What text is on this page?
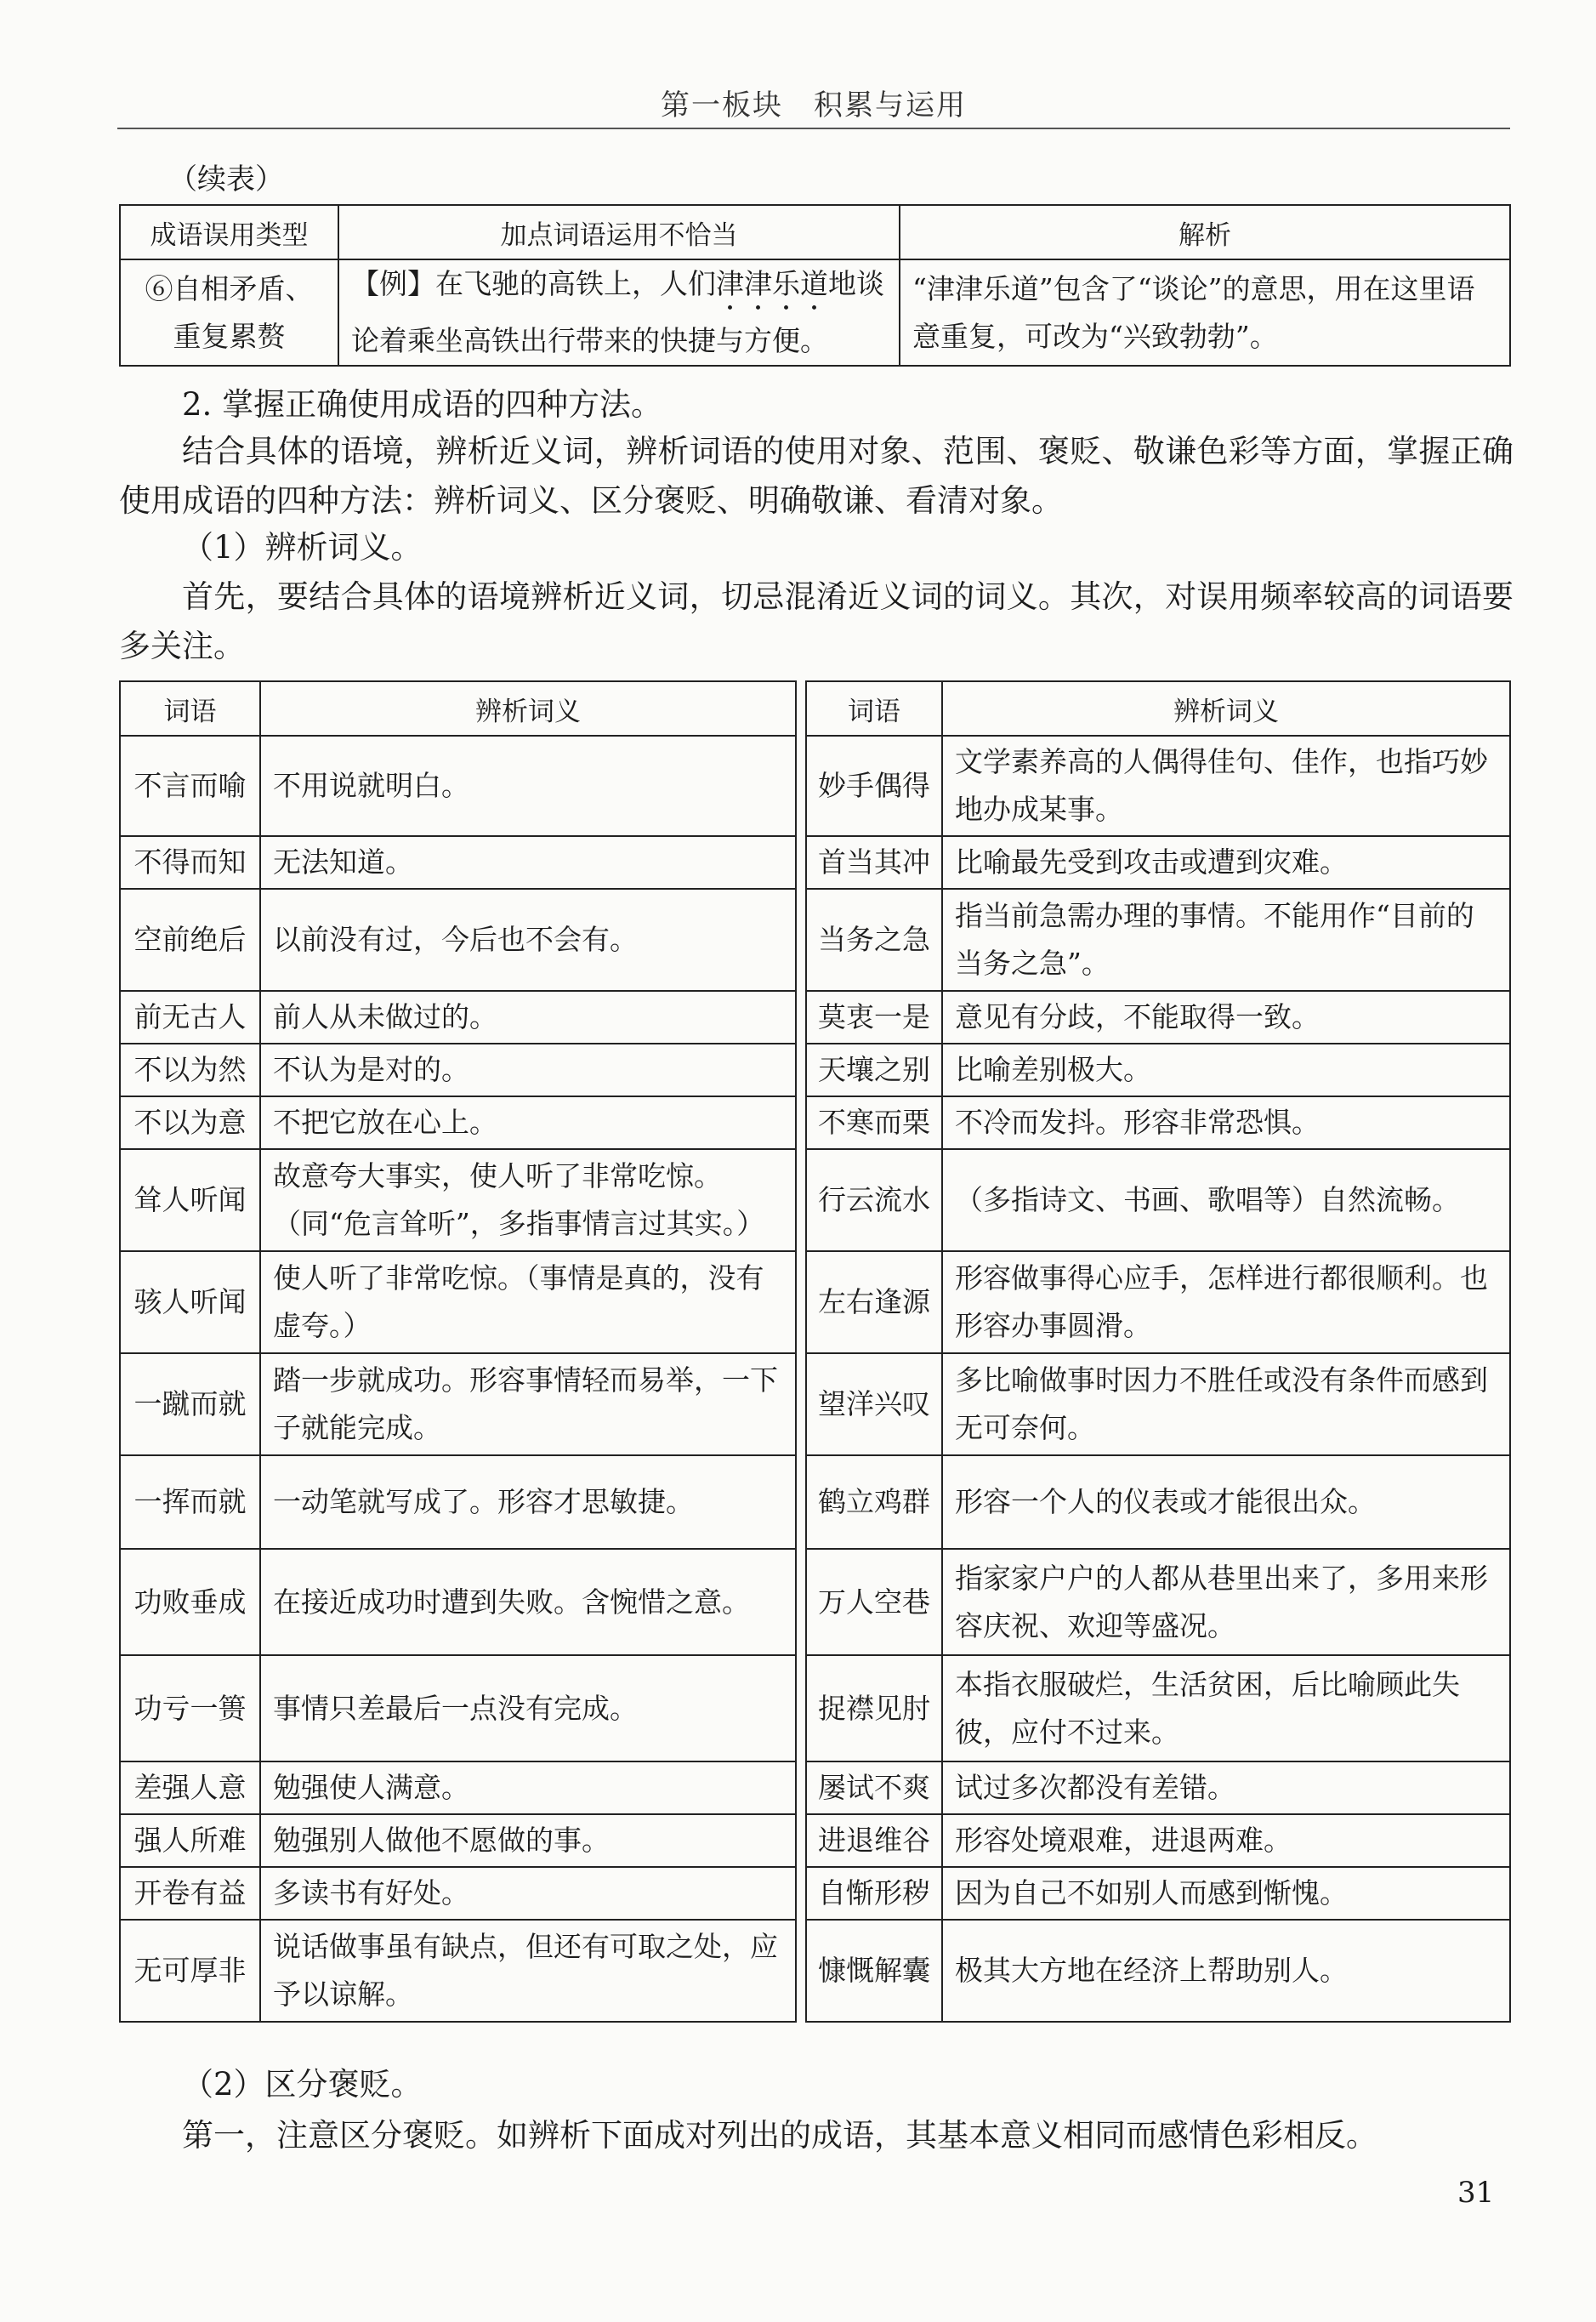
第一板块　积累与运用
（续表）
成语误用类型	加点词语运用不恰当	解析
⑥自相矛盾、重复累赘	【例】在飞驰的高铁上，人们津津乐道地谈论着乘坐高铁出行带来的快捷与方便。	“津津乐道”包含了“谈论”的意思，用在这里语意重复，可改为“兴致勃勃”。
2. 掌握正确使用成语的四种方法。
结合具体的语境，辨析近义词，辨析词语的使用对象、范围、褒贬、敬谦色彩等方面，掌握正确使用成语的四种方法：辨析词义、区分褒贬、明确敬谦、看清对象。
（1）辨析词义。
首先，要结合具体的语境辨析近义词，切忌混淆近义词的词义。其次，对误用频率较高的词语要多关注。
词语	辨析词义		词语	辨析词义
不言而喻	不用说就明白。		妙手偶得	文学素养高的人偶得佳句、佳作，也指巧妙地办成某事。
不得而知	无法知道。		首当其冲	比喻最先受到攻击或遭到灾难。
空前绝后	以前没有过，今后也不会有。		当务之急	指当前急需办理的事情。不能用作“目前的当务之急”。
前无古人	前人从未做过的。		莫衷一是	意见有分歧，不能取得一致。
不以为然	不认为是对的。		天壤之别	比喻差别极大。
不以为意	不把它放在心上。		不寒而栗	不冷而发抖。形容非常恐惧。
耸人听闻	故意夸大事实，使人听了非常吃惊。（同“危言耸听”，多指事情言过其实。）		行云流水	（多指诗文、书画、歌唱等）自然流畅。
骇人听闻	使人听了非常吃惊。（事情是真的，没有虚夸。）		左右逢源	形容做事得心应手，怎样进行都很顺利。也形容办事圆滑。
一蹴而就	踏一步就成功。形容事情轻而易举，一下子就能完成。		望洋兴叹	多比喻做事时因力不胜任或没有条件而感到无可奈何。
一挥而就	一动笔就写成了。形容才思敏捷。		鹤立鸡群	形容一个人的仪表或才能很出众。
功败垂成	在接近成功时遭到失败。含惋惜之意。		万人空巷	指家家户户的人都从巷里出来了，多用来形容庆祝、欢迎等盛况。
功亏一篑	事情只差最后一点没有完成。		捉襟见肘	本指衣服破烂，生活贫困，后比喻顾此失彼，应付不过来。
差强人意	勉强使人满意。		屡试不爽	试过多次都没有差错。
强人所难	勉强别人做他不愿做的事。		进退维谷	形容处境艰难，进退两难。
开卷有益	多读书有好处。		自惭形秽	因为自己不如别人而感到惭愧。
无可厚非	说话做事虽有缺点，但还有可取之处，应予以谅解。		慷慨解囊	极其大方地在经济上帮助别人。
（2）区分褒贬。
第一，注意区分褒贬。如辨析下面成对列出的成语，其基本意义相同而感情色彩相反。
31
